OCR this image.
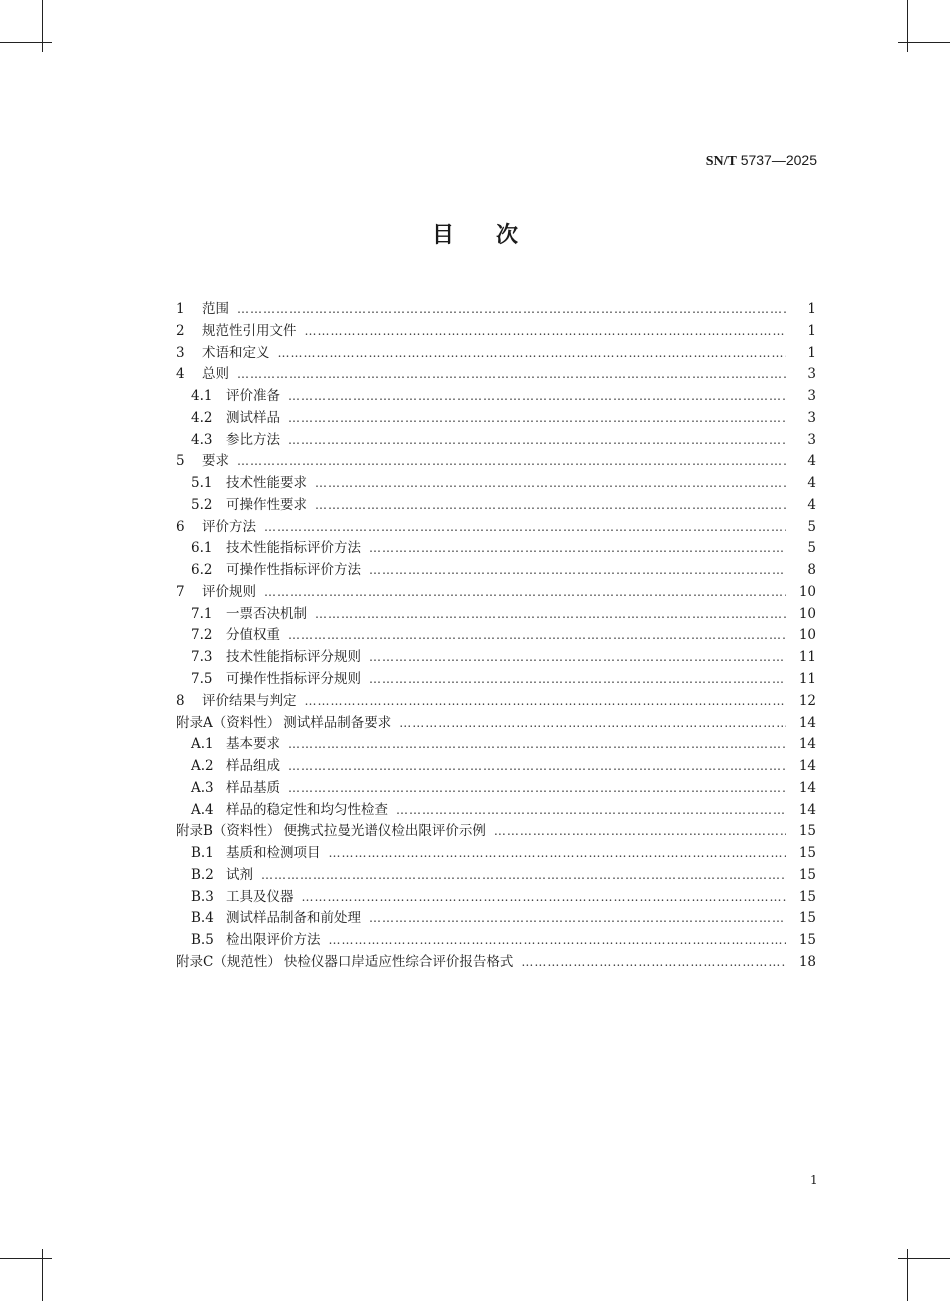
SN/T 5737—2025
目次
1	范围 ……………………………………………………………………………………………………………………………………………………………………………………………………………………………………………………………………………………	1
2	规范性引用文件 ……………………………………………………………………………………………………………………………………………………………………………………………………………………………………………………………………………………	1
3	术语和定义 ……………………………………………………………………………………………………………………………………………………………………………………………………………………………………………………………………………………	1
4	总则 ……………………………………………………………………………………………………………………………………………………………………………………………………………………………………………………………………………………	3
4.1	评价准备 ……………………………………………………………………………………………………………………………………………………………………………………………………………………………………………………………………………………	3
4.2	测试样品 ……………………………………………………………………………………………………………………………………………………………………………………………………………………………………………………………………………………	3
4.3	参比方法 ……………………………………………………………………………………………………………………………………………………………………………………………………………………………………………………………………………………	3
5	要求 ……………………………………………………………………………………………………………………………………………………………………………………………………………………………………………………………………………………	4
5.1	技术性能要求 ……………………………………………………………………………………………………………………………………………………………………………………………………………………………………………………………………………………	4
5.2	可操作性要求 ……………………………………………………………………………………………………………………………………………………………………………………………………………………………………………………………………………………	4
6	评价方法 ……………………………………………………………………………………………………………………………………………………………………………………………………………………………………………………………………………………	5
6.1	技术性能指标评价方法 ……………………………………………………………………………………………………………………………………………………………………………………………………………………………………………………………………………………	5
6.2	可操作性指标评价方法 ……………………………………………………………………………………………………………………………………………………………………………………………………………………………………………………………………………………	8
7	评价规则 ……………………………………………………………………………………………………………………………………………………………………………………………………………………………………………………………………………………	10
7.1	一票否决机制 ……………………………………………………………………………………………………………………………………………………………………………………………………………………………………………………………………………………	10
7.2	分值权重 ……………………………………………………………………………………………………………………………………………………………………………………………………………………………………………………………………………………	10
7.3	技术性能指标评分规则 ……………………………………………………………………………………………………………………………………………………………………………………………………………………………………………………………………………………	11
7.5	可操作性指标评分规则 ……………………………………………………………………………………………………………………………………………………………………………………………………………………………………………………………………………………	11
8	评价结果与判定 ……………………………………………………………………………………………………………………………………………………………………………………………………………………………………………………………………………………	12
附录A（资料性） 测试样品制备要求 ……………………………………………………………………………………………………………………………………………………………………………………………………………………………………………………………………………………	14
A.1 基本要求 ……………………………………………………………………………………………………………………………………………………………………………………………………………………………………………………………………………………	14
A.2 样品组成 ……………………………………………………………………………………………………………………………………………………………………………………………………………………………………………………………………………………	14
A.3 样品基质 ……………………………………………………………………………………………………………………………………………………………………………………………………………………………………………………………………………………	14
A.4 样品的稳定性和均匀性检查 ……………………………………………………………………………………………………………………………………………………………………………………………………………………………………………………………………………………	14
附录B（资料性） 便携式拉曼光谱仪检出限评价示例 ……………………………………………………………………………………………………………………………………………………………………………………………………………………………………………………………………………………	15
B.1 基质和检测项目 ……………………………………………………………………………………………………………………………………………………………………………………………………………………………………………………………………………………	15
B.2 试剂 ……………………………………………………………………………………………………………………………………………………………………………………………………………………………………………………………………………………	15
B.3 工具及仪器 ……………………………………………………………………………………………………………………………………………………………………………………………………………………………………………………………………………………	15
B.4 测试样品制备和前处理 ……………………………………………………………………………………………………………………………………………………………………………………………………………………………………………………………………………………	15
B.5 检出限评价方法 ……………………………………………………………………………………………………………………………………………………………………………………………………………………………………………………………………………………	15
附录C（规范性） 快检仪器口岸适应性综合评价报告格式 ……………………………………………………………………………………………………………………………………………………………………………………………………………………………………………………………………………………	18
1
